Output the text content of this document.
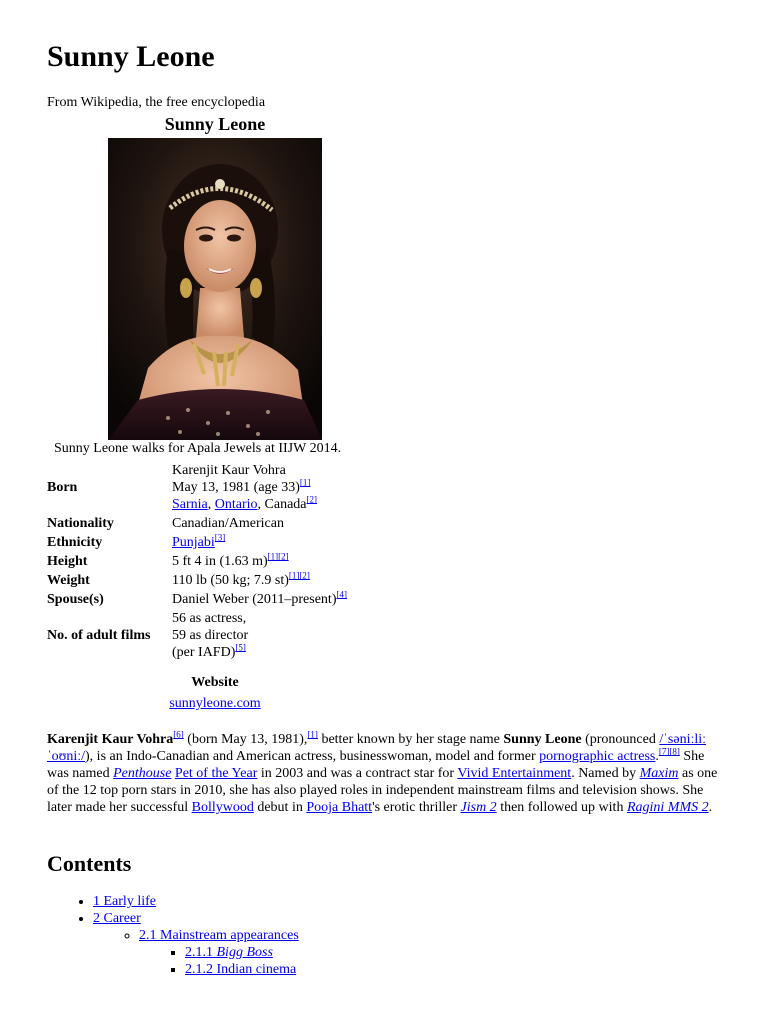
Sunny Leone
From Wikipedia, the free encyclopedia
Sunny Leone
Sunny Leone walks for Apala Jewels at IIJW 2014.
Born	Karenjit Kaur Vohra
May 13, 1981 (age 33)[1]
Sarnia, Ontario, Canada[2]

Nationality	Canadian/American
Ethnicity	Punjabi[3]
Height	5 ft 4 in (1.63 m)[1][2]
Weight	110 lb (50 kg; 7.9 st)[1][2]
Spouse(s)	Daniel Weber (2011–present)[4]
No. of adult films	56 as actress,
59 as director
(per IAFD)[5]
Website
sunnyleone.com

Karenjit Kaur Vohra[6] (born May 13, 1981),[1] better known by her stage name Sunny Leone (pronounced /ˈsəniːliːˈoʊniː/), is an Indo-Canadian and American actress, businesswoman, model and former pornographic actress.[7][8] She was named Penthouse Pet of the Year in 2003 and was a contract star for Vivid Entertainment. Named by Maxim as one of the 12 top porn stars in 2010, she has also played roles in independent mainstream films and television shows. She later made her successful Bollywood debut in Pooja Bhatt's erotic thriller Jism 2 then followed up with Ragini MMS 2.

Contents
• 1 Early life
• 2 Career
◦ 2.1 Mainstream appearances
▪ 2.1.1 Bigg Boss
▪ 2.1.2 Indian cinema
